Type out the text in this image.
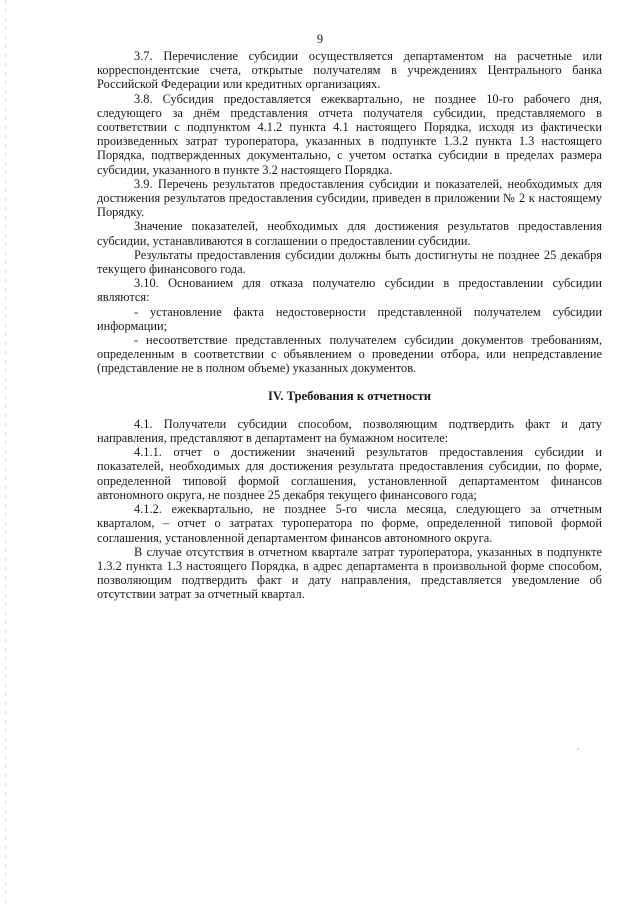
9

3.7. Перечисление субсидии осуществляется департаментом на расчетные или корреспондентские счета, открытые получателям в учреждениях Центрального банка Российской Федерации или кредитных организациях.

3.8. Субсидия предоставляется ежеквартально, не позднее 10-го рабочего дня, следующего за днём представления отчета получателя субсидии, представляемого в соответствии с подпунктом 4.1.2 пункта 4.1 настоящего Порядка, исходя из фактически произведенных затрат туроператора, указанных в подпункте 1.3.2 пункта 1.3 настоящего Порядка, подтвержденных документально, с учетом остатка субсидии в пределах размера субсидии, указанного в пункте 3.2 настоящего Порядка.

3.9. Перечень результатов предоставления субсидии и показателей, необходимых для достижения результатов предоставления субсидии, приведен в приложении № 2 к настоящему Порядку.

Значение показателей, необходимых для достижения результатов предоставления субсидии, устанавливаются в соглашении о предоставлении субсидии.

Результаты предоставления субсидии должны быть достигнуты не позднее 25 декабря текущего финансового года.

3.10. Основанием для отказа получателю субсидии в предоставлении субсидии являются:

- установление факта недостоверности представленной получателем субсидии информации;

- несоответствие представленных получателем субсидии документов требованиям, определенным в соответствии с объявлением о проведении отбора, или непредставление (представление не в полном объеме) указанных документов.

IV. Требования к отчетности

4.1. Получатели субсидии способом, позволяющим подтвердить факт и дату направления, представляют в департамент на бумажном носителе:

4.1.1. отчет о достижении значений результатов предоставления субсидии и показателей, необходимых для достижения результата предоставления субсидии, по форме, определенной типовой формой соглашения, установленной департаментом финансов автономного округа, не позднее 25 декабря текущего финансового года;

4.1.2. ежеквартально, не позднее 5-го числа месяца, следующего за отчетным кварталом, – отчет о затратах туроператора по форме, определенной типовой формой соглашения, установленной департаментом финансов автономного округа.

В случае отсутствия в отчетном квартале затрат туроператора, указанных в подпункте 1.3.2 пункта 1.3 настоящего Порядка, в адрес департамента в произвольной форме способом, позволяющим подтвердить факт и дату направления, представляется уведомление об отсутствии затрат за отчетный квартал.
